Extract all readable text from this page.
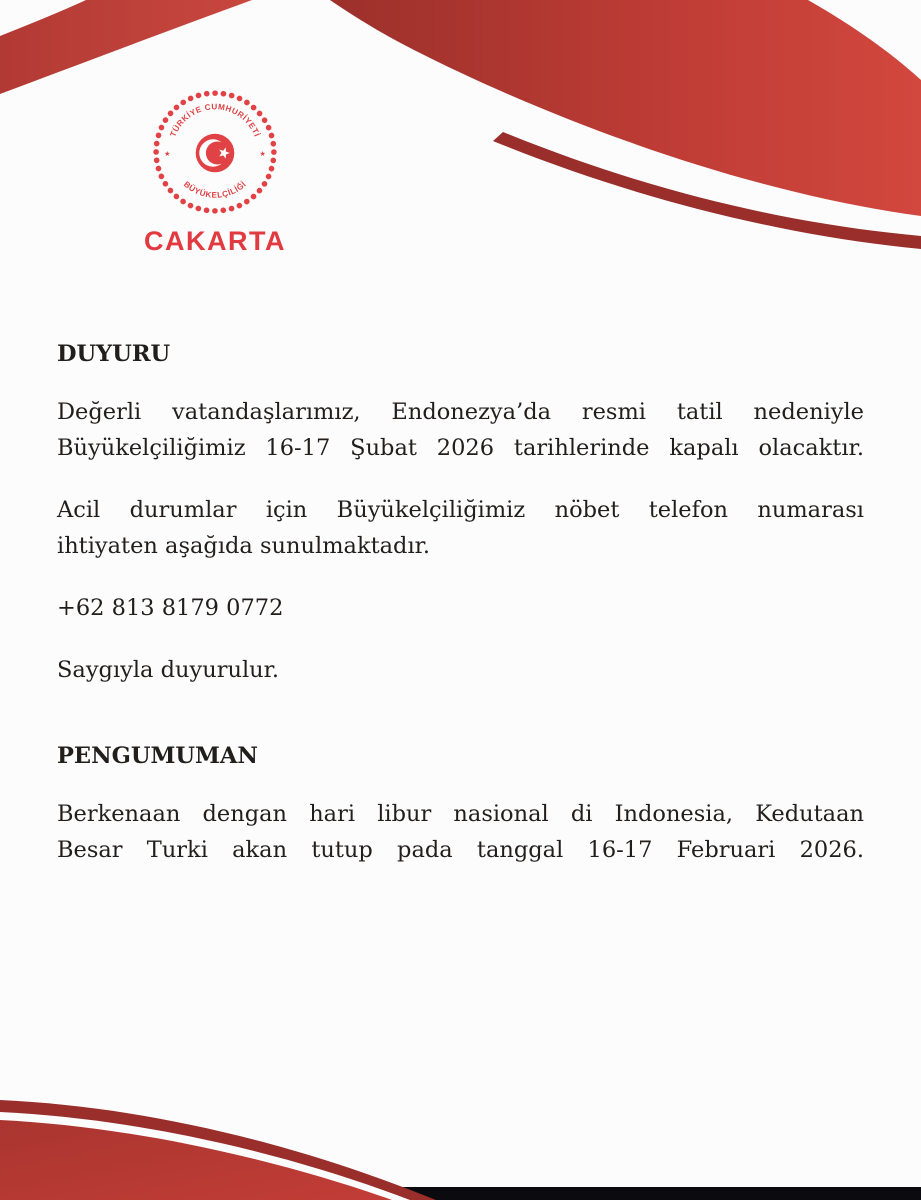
TÜRKİYE CUMHURİYETİ
BÜYÜKELÇİLİĞİ
★	★
CAKARTA
DUYURU
Değerli vatandaşlarımız, Endonezya’da resmi tatil nedeniyle
Büyükelçiliğimiz 16-17 Şubat 2026 tarihlerinde kapalı olacaktır.
Acil durumlar için Büyükelçiliğimiz nöbet telefon numarası
ihtiyaten aşağıda sunulmaktadır.
+62 813 8179 0772
Saygıyla duyurulur.
PENGUMUMAN
Berkenaan dengan hari libur nasional di Indonesia, Kedutaan
Besar Turki akan tutup pada tanggal 16-17 Februari 2026.
